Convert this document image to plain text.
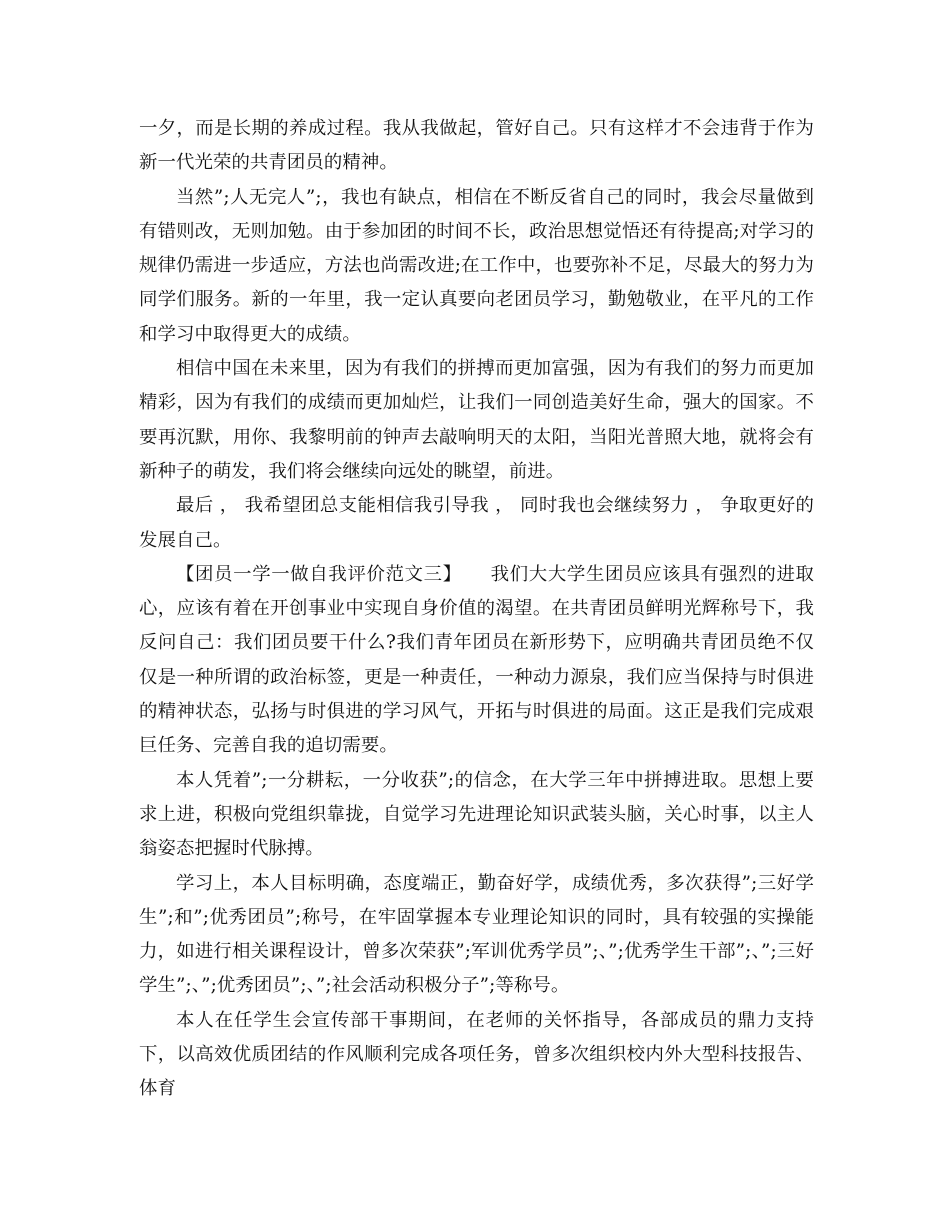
一夕，而是长期的养成过程。我从我做起，管好自己。只有这样才不会违背于作为新一代光荣的共青团员的精神。

当然”;人无完人”;，我也有缺点，相信在不断反省自己的同时，我会尽量做到有错则改，无则加勉。由于参加团的时间不长，政治思想觉悟还有待提高;对学习的规律仍需进一步适应，方法也尚需改进;在工作中，也要弥补不足，尽最大的努力为同学们服务。新的一年里，我一定认真要向老团员学习，勤勉敬业，在平凡的工作和学习中取得更大的成绩。

相信中国在未来里，因为有我们的拼搏而更加富强，因为有我们的努力而更加精彩，因为有我们的成绩而更加灿烂，让我们一同创造美好生命，强大的国家。不要再沉默，用你、我黎明前的钟声去敲响明天的太阳，当阳光普照大地，就将会有新种子的萌发，我们将会继续向远处的眺望，前进。

最后 ， 我希望团总支能相信我引导我 ， 同时我也会继续努力 ， 争取更好的发展自己。

【团员一学一做自我评价范文三】　　我们大大学生团员应该具有强烈的进取心，应该有着在开创事业中实现自身价值的渴望。在共青团员鲜明光辉称号下，我反问自己：我们团员要干什么?我们青年团员在新形势下，应明确共青团员绝不仅仅是一种所谓的政治标签，更是一种责任，一种动力源泉，我们应当保持与时俱进的精神状态，弘扬与时俱进的学习风气，开拓与时俱进的局面。这正是我们完成艰巨任务、完善自我的追切需要。

本人凭着”;一分耕耘，一分收获”;的信念，在大学三年中拼搏进取。思想上要求上进，积极向党组织靠拢，自觉学习先进理论知识武装头脑，关心时事，以主人翁姿态把握时代脉搏。

学习上，本人目标明确，态度端正，勤奋好学，成绩优秀，多次获得”;三好学生”;和”;优秀团员”;称号，在牢固掌握本专业理论知识的同时，具有较强的实操能力，如进行相关课程设计，曾多次荣获”;军训优秀学员”;、”;优秀学生干部”;、”;三好学生”;、”;优秀团员”;、”;社会活动积极分子”;等称号。

本人在任学生会宣传部干事期间，在老师的关怀指导，各部成员的鼎力支持下，以高效优质团结的作风顺利完成各项任务，曾多次组织校内外大型科技报告、体育
